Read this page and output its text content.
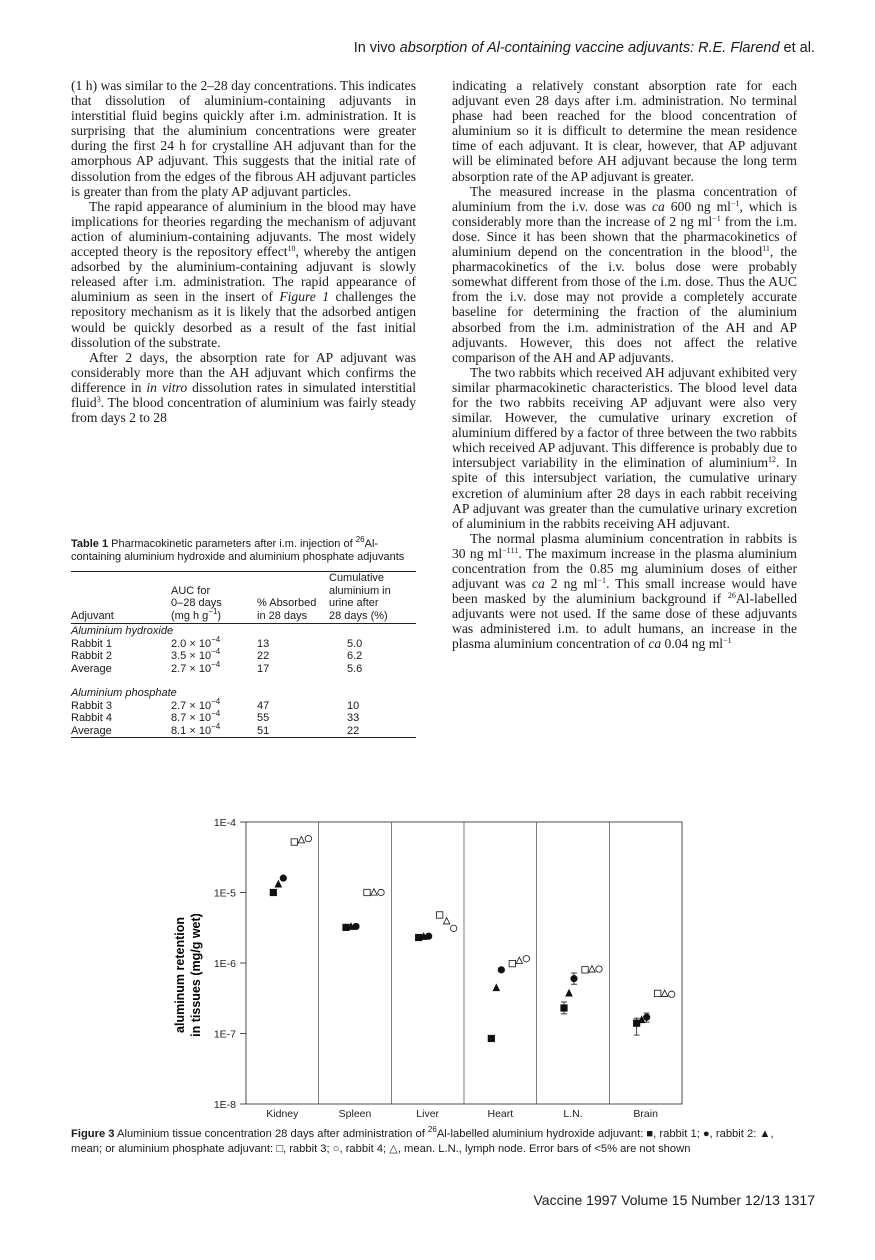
In vivo absorption of Al-containing vaccine adjuvants: R.E. Flarend et al.

(1 h) was similar to the 2–28 day concentrations. This indicates that dissolution of aluminium-containing adjuvants in interstitial fluid begins quickly after i.m. administration. It is surprising that the aluminium concentrations were greater during the first 24 h for crystalline AH adjuvant than for the amorphous AP adjuvant. This suggests that the initial rate of dissolution from the edges of the fibrous AH adjuvant particles is greater than from the platy AP adjuvant particles.

The rapid appearance of aluminium in the blood may have implications for theories regarding the mechanism of adjuvant action of aluminium-containing adjuvants. The most widely accepted theory is the repository effect$^{10}$, whereby the antigen adsorbed by the aluminium-containing adjuvant is slowly released after i.m. administration. The rapid appearance of aluminium as seen in the insert of Figure 1 challenges the repository mechanism as it is likely that the adsorbed antigen would be quickly desorbed as a result of the fast initial dissolution of the substrate.

After 2 days, the absorption rate for AP adjuvant was considerably more than the AH adjuvant which confirms the difference in in vitro dissolution rates in simulated interstitial fluid$^3$. The blood concentration of aluminium was fairly steady from days 2 to 28

indicating a relatively constant absorption rate for each adjuvant even 28 days after i.m. administration. No terminal phase had been reached for the blood concentration of aluminium so it is difficult to determine the mean residence time of each adjuvant. It is clear, however, that AP adjuvant will be eliminated before AH adjuvant because the long term absorption rate of the AP adjuvant is greater.

The measured increase in the plasma concentration of aluminium from the i.v. dose was ca 600 ng $ml^{-1}$, which is considerably more than the increase of 2 ng $ml^{-1}$ from the i.m. dose. Since it has been shown that the pharmacokinetics of aluminium depend on the concentration in the blood$^{11}$, the pharmacokinetics of the i.v. bolus dose were probably somewhat different from those of the i.m. dose. Thus the AUC from the i.v. dose may not provide a completely accurate baseline for determining the fraction of the aluminium absorbed from the i.m. administration of the AH and AP adjuvants. However, this does not affect the relative comparison of the AH and AP adjuvants.

The two rabbits which received AH adjuvant exhibited very similar pharmacokinetic characteristics. The blood level data for the two rabbits receiving AP adjuvant were also very similar. However, the cumulative urinary excretion of aluminium differed by a factor of three between the two rabbits which received AP adjuvant. This difference is probably due to intersubject variability in the elimination of aluminium$^{12}$. In spite of this intersubject variation, the cumulative urinary excretion of aluminium after 28 days in each rabbit receiving AP adjuvant was greater than the cumulative urinary excretion of aluminium in the rabbits receiving AH adjuvant.

The normal plasma aluminium concentration in rabbits is 30 ng $ml^{-111}$. The maximum increase in the plasma aluminium concentration from the 0.85 mg aluminium doses of either adjuvant was ca 2 ng $ml^{-1}$. This small increase would have been masked by the aluminium background if $^{26}$Al-labelled adjuvants were not used. If the same dose of these adjuvants was administered i.m. to adult humans, an increase in the plasma aluminium concentration of ca 0.04 ng $ml^{-1}$

Table 1 Pharmacokinetic parameters after i.m. injection of $^{26}$Al-containing aluminium hydroxide and aluminium phosphate adjuvants
			Cumulative
	AUC for		aluminium in
	0–28 days	% Absorbed	urine after
Adjuvant	(mg h $g^{-1}$)	in 28 days	28 days (%)
Aluminium hydroxide			
Rabbit 1	$2.0 \times 10^{-4}$	13	5.0
Rabbit 2	$3.5 \times 10^{-4}$	22	6.2
Average	$2.7 \times 10^{-4}$	17	5.6

Aluminium phosphate			
Rabbit 3	$2.7 \times 10^{-4}$	47	10
Rabbit 4	$8.7 \times 10^{-4}$	55	33
Average	$8.1 \times 10^{-4}$	51	22
1E-4
1E-5
1E-6
1E-7
1E-8
Kidney	Spleen	Liver	Heart	L.N.	Brain
aluminum retention in tissues (mg/g wet)
Figure 3 Aluminium tissue concentration 28 days after administration of $^{26}$Al-labelled aluminium hydroxide adjuvant: ■, rabbit 1; ●, rabbit 2: ▲, mean; or aluminium phosphate adjuvant: □, rabbit 3; ○, rabbit 4; △, mean. L.N., lymph node. Error bars of <5% are not shown
Vaccine 1997 Volume 15 Number 12/13 1317
